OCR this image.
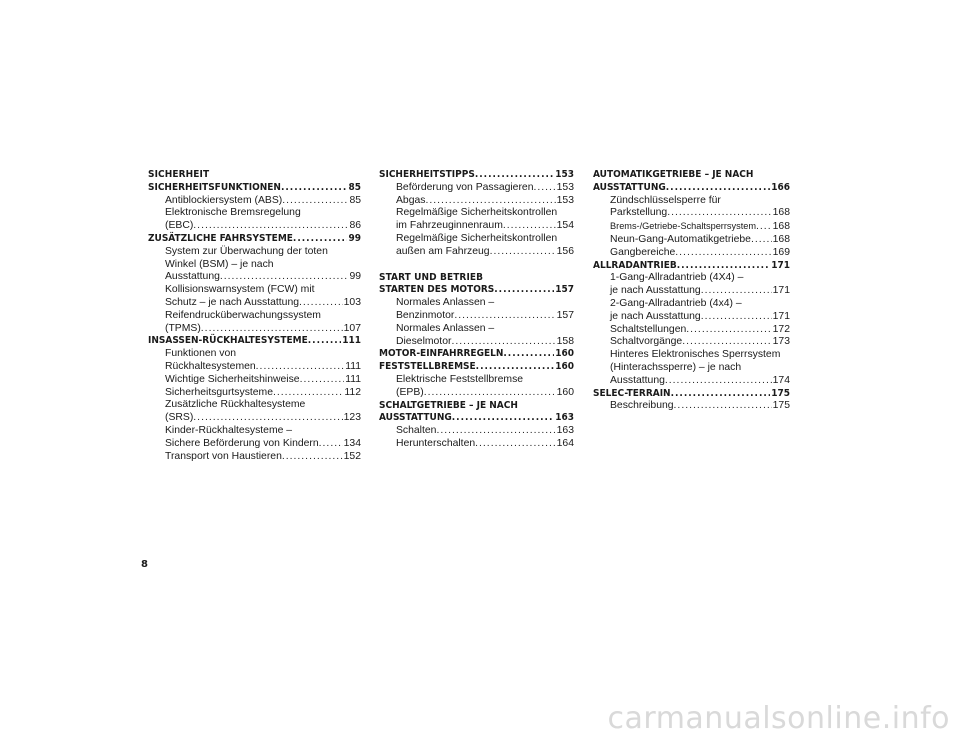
SICHERHEIT
SICHERHEITSFUNKTIONEN .....	85
Antiblockiersystem (ABS) .....	85
Elektronische Bremsregelung
(EBC) .....	86
ZUSÄTZLICHE FAHRSYSTEME .....	99
System zur Überwachung der toten
Winkel (BSM) – je nach
Ausstattung .....	99
Kollisionswarnsystem (FCW) mit
Schutz – je nach Ausstattung .....	103
Reifendrucküberwachungssystem
(TPMS) .....	107
INSASSEN-RÜCKHALTESYSTEME .....	111
Funktionen von
Rückhaltesystemen .....	111
Wichtige Sicherheitshinweise .....	111
Sicherheitsgurtsysteme .....	112
Zusätzliche Rückhaltesysteme
(SRS) .....	123
Kinder-Rückhaltesysteme –
Sichere Beförderung von Kindern ..... 134
Transport von Haustieren .....	152
SICHERHEITSTIPPS .....	153
Beförderung von Passagieren ..... 153
Abgas .....	153
Regelmäßige Sicherheitskontrollen
im Fahrzeuginnenraum .....	154
Regelmäßige Sicherheitskontrollen
außen am Fahrzeug .....	156
START UND BETRIEB
STARTEN DES MOTORS .....	157
Normales Anlassen –
Benzinmotor .....	157
Normales Anlassen –
Dieselmotor .....	158
MOTOR-EINFAHRREGELN .....	160
FESTSTELLBREMSE .....	160
Elektrische Feststellbremse
(EPB) .....	160
SCHALTGETRIEBE – JE NACH
AUSSTATTUNG .....	163
Schalten .....	163
Herunterschalten .....	164
AUTOMATIKGETRIEBE – JE NACH
AUSSTATTUNG .....	166
Zündschlüsselsperre für
Parkstellung .....	168
Brems-/Getriebe-Schaltsperrsystem ..... 168
Neun-Gang-Automatikgetriebe ..... 168
Gangbereiche .....	169
ALLRADANTRIEB .....	171
1-Gang-Allradantrieb (4X4) –
je nach Ausstattung .....	171
2-Gang-Allradantrieb (4x4) –
je nach Ausstattung .....	171
Schaltstellungen .....	172
Schaltvorgänge .....	173
Hinteres Elektronisches Sperrsystem
(Hinterachssperre) – je nach
Ausstattung .....	174
SELEC-TERRAIN .....	175
Beschreibung .....	175
8
carmanualsonline.info
